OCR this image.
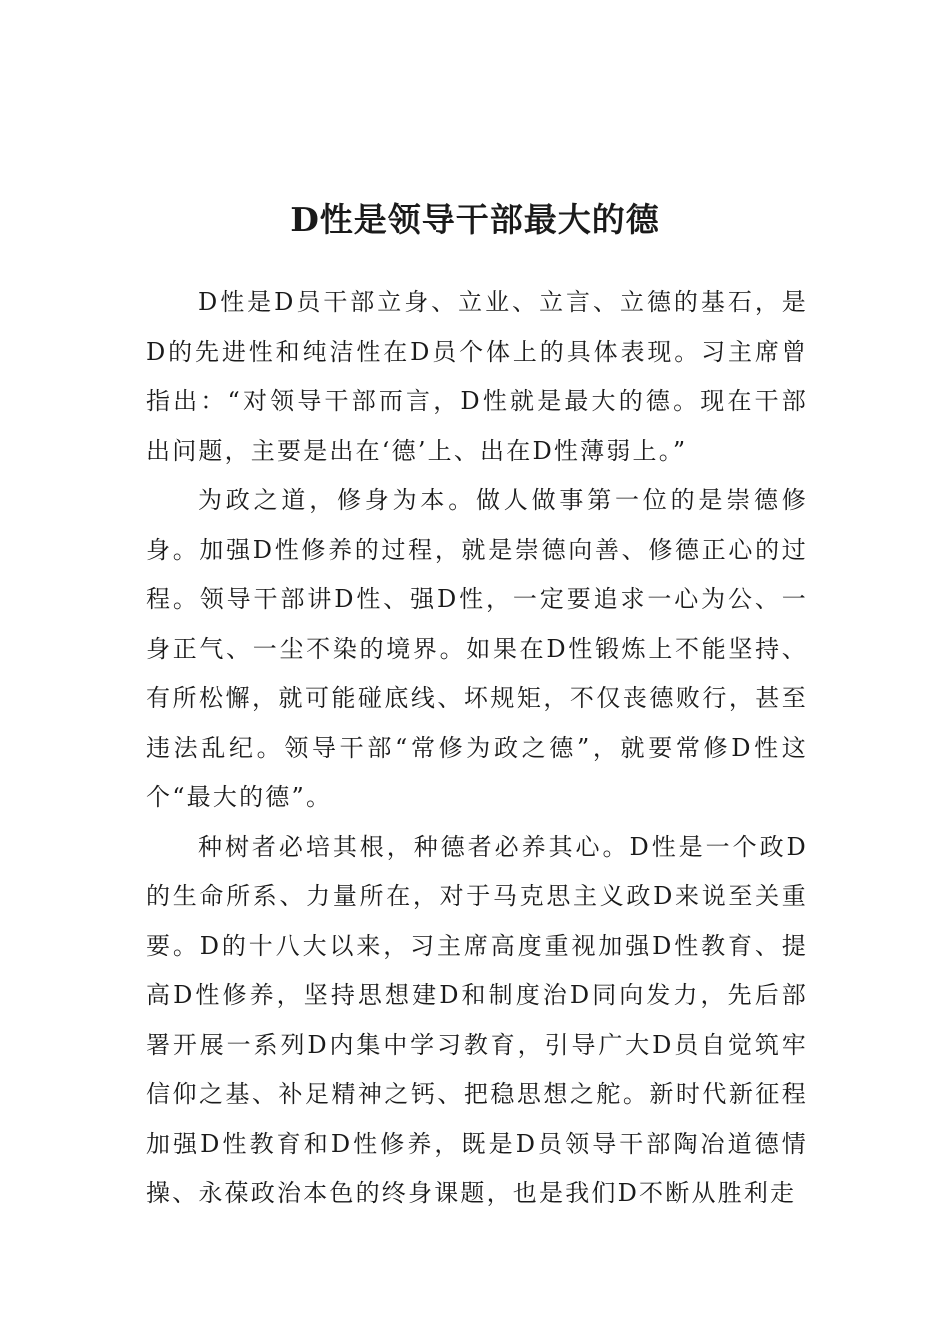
D性是领导干部最大的德

D性是D员干部立身、立业、立言、立德的基石，是D的先进性和纯洁性在D员个体上的具体表现。习主席曾指出：“对领导干部而言，D性就是最大的德。现在干部出问题，主要是出在‘德’上、出在D性薄弱上。”

为政之道，修身为本。做人做事第一位的是崇德修身。加强D性修养的过程，就是崇德向善、修德正心的过程。领导干部讲D性、强D性，一定要追求一心为公、一身正气、一尘不染的境界。如果在D性锻炼上不能坚持、有所松懈，就可能碰底线、坏规矩，不仅丧德败行，甚至违法乱纪。领导干部“常修为政之德”，就要常修D性这个“最大的德”。

种树者必培其根，种德者必养其心。D性是一个政D的生命所系、力量所在，对于马克思主义政D来说至关重要。D的十八大以来，习主席高度重视加强D性教育、提高D性修养，坚持思想建D和制度治D同向发力，先后部署开展一系列D内集中学习教育，引导广大D员自觉筑牢信仰之基、补足精神之钙、把稳思想之舵。新时代新征程加强D性教育和D性修养，既是D员领导干部陶冶道德情操、永葆政治本色的终身课题，也是我们D不断从胜利走
